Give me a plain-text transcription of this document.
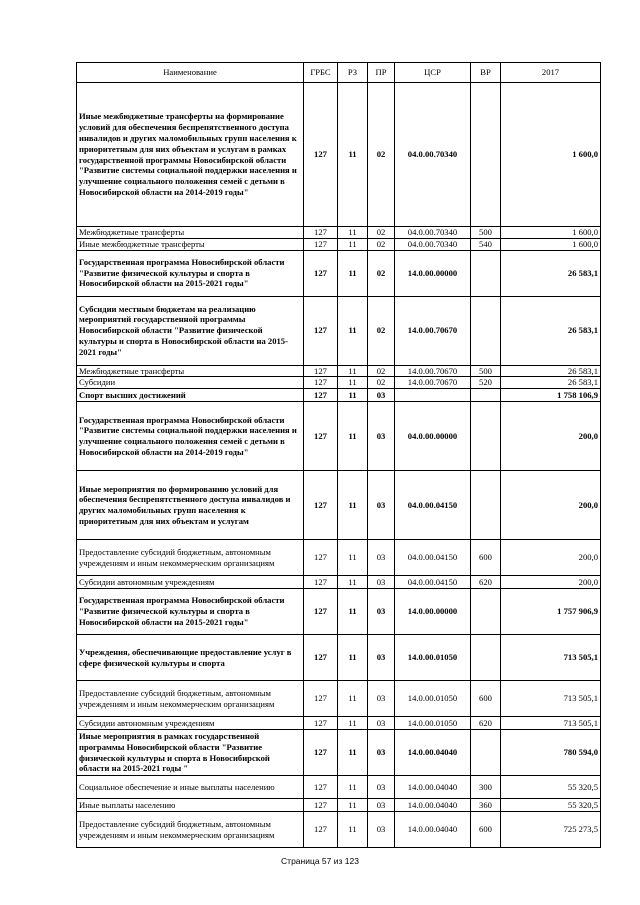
Наименование	ГРБС	РЗ	ПР	ЦСР	ВР	2017
Иные межбюджетные трансферты на формирование условий для обеспечения беспрепятственного доступа инвалидов и других маломобильных групп населения к приоритетным для них объектам и услугам в рамках государственной программы Новосибирской области "Развитие системы социальной поддержки населения и улучшение социального положения семей с детьми в Новосибирской области на 2014-2019 годы"	127	11	02	04.0.00.70340		1 600,0
Межбюджетные трансферты	127	11	02	04.0.00.70340	500	1 600,0
Иные межбюджетные трансферты	127	11	02	04.0.00.70340	540	1 600,0
Государственная программа Новосибирской области "Развитие физической культуры и спорта в Новосибирской области на 2015-2021 годы"	127	11	02	14.0.00.00000		26 583,1
Субсидии местным бюджетам на реализацию мероприятий государственной программы Новосибирской области "Развитие физической культуры и спорта в Новосибирской области на 2015-2021 годы"	127	11	02	14.0.00.70670		26 583,1
Межбюджетные трансферты	127	11	02	14.0.00.70670	500	26 583,1
Субсидии	127	11	02	14.0.00.70670	520	26 583,1
Спорт высших достижений	127	11	03			1 758 106,9
Государственная программа Новосибирской области "Развитие системы социальной поддержки населения и улучшение социального положения семей с детьми в Новосибирской области на 2014-2019 годы"	127	11	03	04.0.00.00000		200,0
Иные мероприятия по формированию условий для обеспечения беспрепятственного доступа инвалидов и других маломобильных групп населения к приоритетным для них объектам и услугам	127	11	03	04.0.00.04150		200,0
Предоставление субсидий бюджетным, автономным учреждениям и иным некоммерческим организациям	127	11	03	04.0.00.04150	600	200,0
Субсидии автономным учреждениям	127	11	03	04.0.00.04150	620	200,0
Государственная программа Новосибирской области "Развитие физической культуры и спорта в Новосибирской области на 2015-2021 годы"	127	11	03	14.0.00.00000		1 757 906,9
Учреждения, обеспечивающие предоставление услуг в сфере физической культуры и спорта	127	11	03	14.0.00.01050		713 505,1
Предоставление субсидий бюджетным, автономным учреждениям и иным некоммерческим организациям	127	11	03	14.0.00.01050	600	713 505,1
Субсидии автономным учреждениям	127	11	03	14.0.00.01050	620	713 505,1
Иные мероприятия в рамках государственной программы Новосибирской области "Развитие физической культуры и спорта в Новосибирской области на 2015-2021 годы "	127	11	03	14.0.00.04040		780 594,0
Социальное обеспечение и иные выплаты населению	127	11	03	14.0.00.04040	300	55 320,5
Иные выплаты населению	127	11	03	14.0.00.04040	360	55 320,5
Предоставление субсидий бюджетным, автономным учреждениям и иным некоммерческим организациям	127	11	03	14.0.00.04040	600	725 273,5
Страница 57 из 123
